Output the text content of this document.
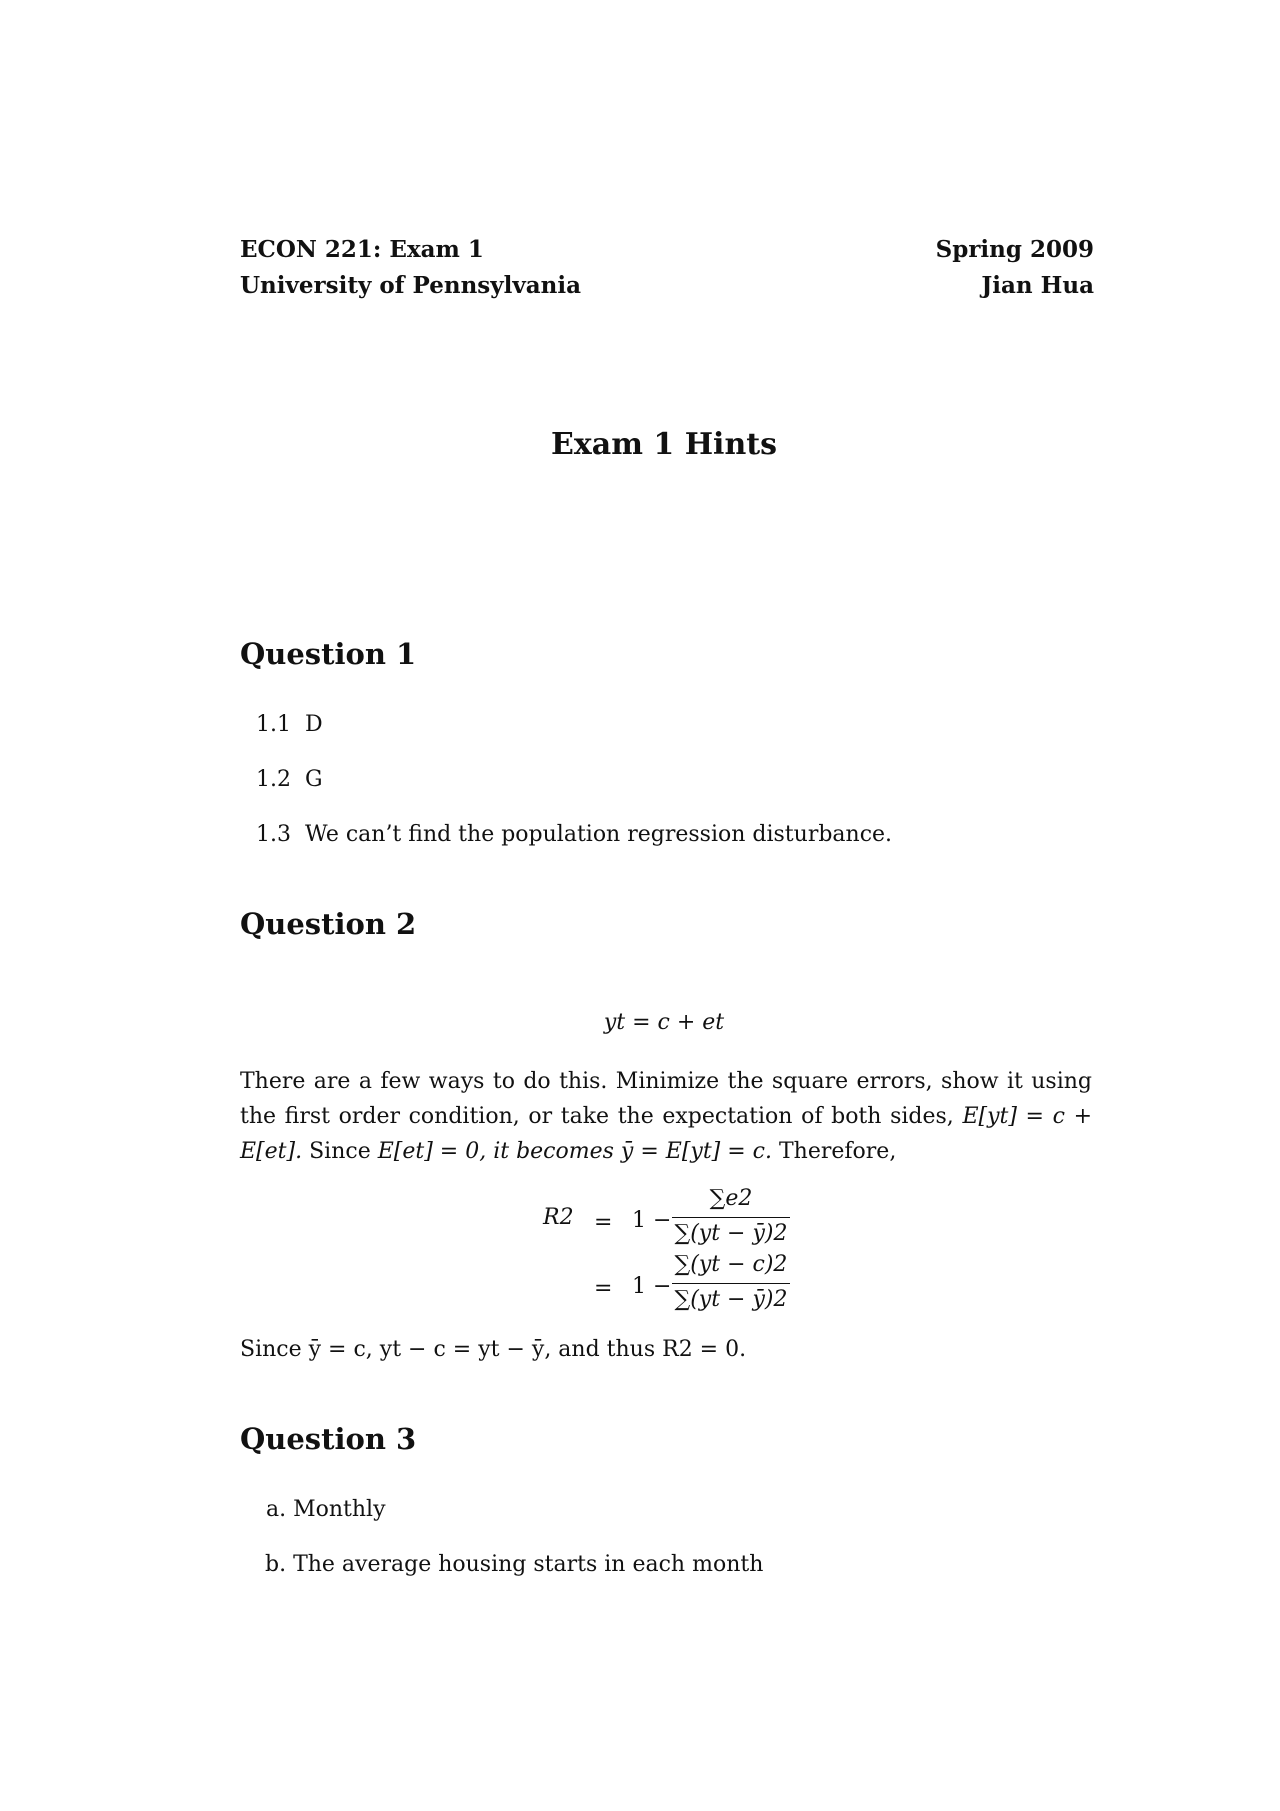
ECON 221: Exam 1
University of Pennsylvania
Spring 2009
Jian Hua
Exam 1 Hints
Question 1
1.1 D
1.2 G
1.3 We can’t find the population regression disturbance.
Question 2
yt = c + et
There are a few ways to do this. Minimize the square errors, show it using the first order condition, or take the expectation of both sides, E[yt] = c + E[et]. Since E[et] = 0, it becomes ȳ = E[yt] = c. Therefore,
R2 = 1 −
∑e2
∑(yt − ȳ)2
= 1 −
∑(yt − c)2
∑(yt − ȳ)2
Since ȳ = c, yt − c = yt − ȳ, and thus R2 = 0.
Question 3
a. Monthly
b. The average housing starts in each month
